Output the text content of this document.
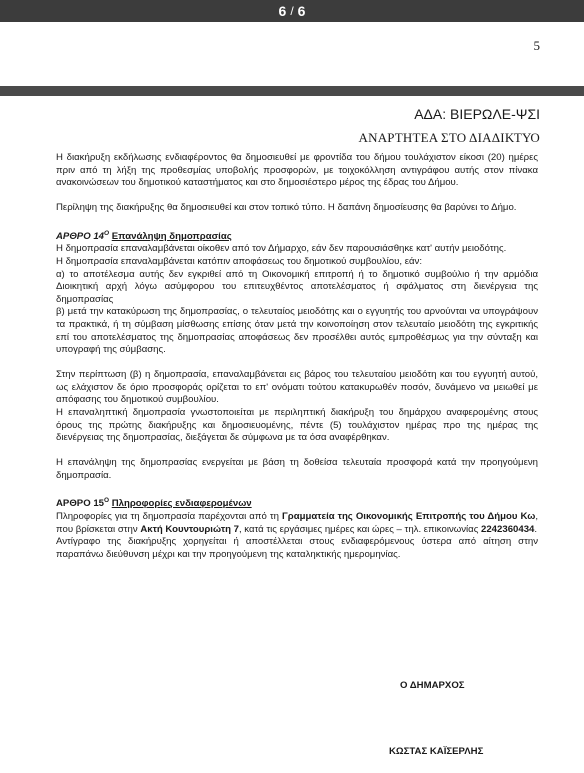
6 / 6
5
ΑΔΑ: ΒΙΕΡΩΛΕ-ΨΣΙ
ΑΝΑΡΤΗΤΕΑ ΣΤΟ ΔΙΑΔΙΚΤΥΟ

Η διακήρυξη εκδήλωσης ενδιαφέροντος θα δημοσιευθεί με φροντίδα του δήμου τουλάχιστον είκοσι (20) ημέρες πριν από τη λήξη της προθεσμίας υποβολής προσφορών, με τοιχοκόλληση αντιγράφου αυτής στον πίνακα ανακοινώσεων του δημοτικού καταστήματος και στο δημοσιέστερο μέρος της έδρας του Δήμου.

Περίληψη της διακήρυξης θα δημοσιευθεί και στον τοπικό τύπο. Η δαπάνη δημοσίευσης θα βαρύνει το Δήμο.

ΑΡΘΡΟ $14^O$ Επανάληψη δημοπρασίας

Η δημοπρασία επαναλαμβάνεται οίκοθεν από τον Δήμαρχο, εάν δεν παρουσιάσθηκε κατ' αυτήν μειοδότης.

Η δημοπρασία επαναλαμβάνεται κατόπιν αποφάσεως του δημοτικού συμβουλίου, εάν:

α) το αποτέλεσμα αυτής δεν εγκριθεί από τη Οικονομική επιτροπή ή το δημοτικό συμβούλιο ή την αρμόδια Διοικητική αρχή λόγω ασύμφορου του επιτευχθέντος αποτελέσματος ή σφάλματος στη διενέργεια της δημοπρασίας

β) μετά την κατακύρωση της δημοπρασίας, ο τελευταίος μειοδότης και ο εγγυητής του αρνούνται να υπογράψουν τα πρακτικά, ή τη σύμβαση μίσθωσης επίσης όταν μετά την κοινοποίηση στον τελευταίο μειοδότη της εγκριτικής επί του αποτελέσματος της δημοπρασίας αποφάσεως δεν προσέλθει αυτός εμπροθέσμως για την σύνταξη και υπογραφή της σύμβασης.

Στην περίπτωση (β) η δημοπρασία, επαναλαμβάνεται εις βάρος του τελευταίου μειοδότη και του εγγυητή αυτού, ως ελάχιστον δε όριο προσφοράς ορίζεται το επ' ονόματι τούτου κατακυρωθέν ποσόν, δυνάμενο να μειωθεί με απόφασης του δημοτικού συμβουλίου.

Η επαναληπτική δημοπρασία γνωστοποιείται με περιληπτική διακήρυξη του δημάρχου αναφερομένης στους όρους της πρώτης διακήρυξης και δημοσιευομένης, πέντε (5) τουλάχιστον ημέρας προ της ημέρας της διενέργειας της δημοπρασίας, διεξάγεται δε σύμφωνα με τα όσα αναφέρθηκαν.

Η επανάληψη της δημοπρασίας ενεργείται με βάση τη δοθείσα τελευταία προσφορά κατά την προηγούμενη δημοπρασία.

ΑΡΘΡΟ $15^O$ Πληροφορίες ενδιαφερομένων

Πληροφορίες για τη δημοπρασία παρέχονται από τη Γραμματεία της Οικονομικής Επιτροπής του Δήμου Κω, που βρίσκεται στην Ακτή Κουντουριώτη 7, κατά τις εργάσιμες ημέρες και ώρες – τηλ. επικοινωνίας 2242360434.

Αντίγραφο της διακήρυξης χορηγείται ή αποστέλλεται στους ενδιαφερόμενους ύστερα από αίτηση στην παραπάνω διεύθυνση μέχρι και την προηγούμενη της καταληκτικής ημερομηνίας.

Ο ΔΗΜΑΡΧΟΣ
ΚΩΣΤΑΣ ΚΑΪΣΕΡΛΗΣ
